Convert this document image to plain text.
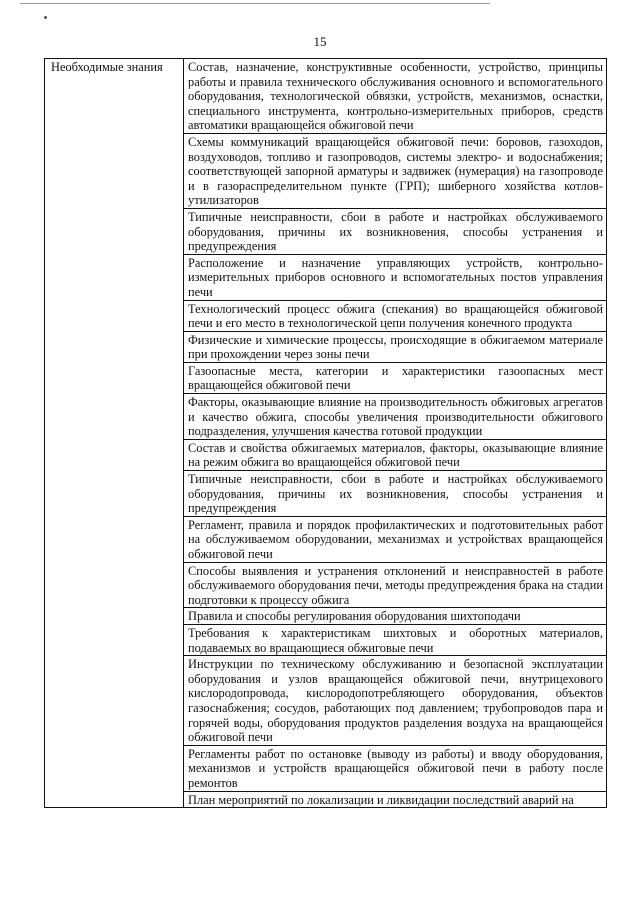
15
Необходимые знания	Состав, назначение, конструктивные особенности, устройство, принципы работы и правила технического обслуживания основного и вспомогательного оборудования, технологической обвязки, устройств, механизмов, оснастки, специального инструмента, контрольно-измерительных приборов, средств автоматики вращающейся обжиговой печи
Схемы коммуникаций вращающейся обжиговой печи: боровов, газоходов, воздуховодов, топливо и газопроводов, системы электро- и водоснабжения; соответствующей запорной арматуры и задвижек (нумерация) на газопроводе и в газораспределительном пункте (ГРП); шиберного хозяйства котлов-утилизаторов
Типичные неисправности, сбои в работе и настройках обслуживаемого оборудования, причины их возникновения, способы устранения и предупреждения
Расположение и назначение управляющих устройств, контрольно-измерительных приборов основного и вспомогательных постов управления печи
Технологический процесс обжига (спекания) во вращающейся обжиговой печи и его место в технологической цепи получения конечного продукта
Физические и химические процессы, происходящие в обжигаемом материале при прохождении через зоны печи
Газоопасные места, категории и характеристики газоопасных мест вращающейся обжиговой печи
Факторы, оказывающие влияние на производительность обжиговых агрегатов и качество обжига, способы увеличения производительности обжигового подразделения, улучшения качества готовой продукции
Состав и свойства обжигаемых материалов, факторы, оказывающие влияние на режим обжига во вращающейся обжиговой печи
Типичные неисправности, сбои в работе и настройках обслуживаемого оборудования, причины их возникновения, способы устранения и предупреждения
Регламент, правила и порядок профилактических и подготовительных работ на обслуживаемом оборудовании, механизмах и устройствах вращающейся обжиговой печи
Способы выявления и устранения отклонений и неисправностей в работе обслуживаемого оборудования печи, методы предупреждения брака на стадии подготовки к процессу обжига
Правила и способы регулирования оборудования шихтоподачи
Требования к характеристикам шихтовых и оборотных материалов, подаваемых во вращающиеся обжиговые печи
Инструкции по техническому обслуживанию и безопасной эксплуатации оборудования и узлов вращающейся обжиговой печи, внутрицехового кислородопровода, кислородопотребляющего оборудования, объектов газоснабжения; сосудов, работающих под давлением; трубопроводов пара и горячей воды, оборудования продуктов разделения воздуха на вращающейся обжиговой печи
Регламенты работ по остановке (выводу из работы) и вводу оборудования, механизмов и устройств вращающейся обжиговой печи в работу после ремонтов
План мероприятий по локализации и ликвидации последствий аварий на
